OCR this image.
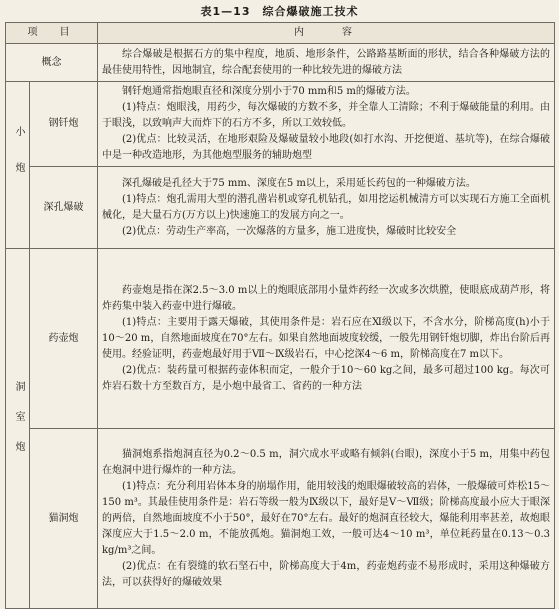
表1—13　综合爆破施工技术
项　目		内　　容
概念		综合爆破是根据石方的集中程度，地质、地形条件，公路路基断面的形状，结合各种爆破方法的最佳使用特性，因地制宜，综合配套使用的一种比较先进的爆破方法
小炮	钢钎炮	钢钎炮通常指炮眼直径和深度分别小于70 mm和5 m的爆破方法。
(1)特点：炮眼浅，用药少，每次爆破的方数不多，并全靠人工清除；不利于爆破能量的利用。由于眼浅，以致响声大而炸下的石方不多，所以工效较低。
(2)优点：比较灵活，在地形艰险及爆破量较小地段(如打水沟、开挖便道、基坑等)，在综合爆破中是一种改造地形，为其他炮型服务的辅助炮型

	深孔爆破	深孔爆破是孔径大于75 mm、深度在5 m以上，采用延长药包的一种爆破方法。
(1)特点：炮孔需用大型的潜孔凿岩机或穿孔机钻孔，如用挖运机械清方可以实现石方施工全面机械化，是大量石方(万方以上)快速施工的发展方向之一。
(2)优点：劳动生产率高，一次爆落的方量多，施工进度快，爆破时比较安全

洞室炮	药壶炮	药壶炮是指在深2.5～3.0 m以上的炮眼底部用小量炸药经一次或多次烘膛，使眼底成葫芦形，将炸药集中装入药壶中进行爆破。
(1)特点：主要用于露天爆破，其使用条件是：岩石应在Ⅺ级以下，不含水分，阶梯高度(h)小于10～20 m，自然地面坡度在70°左右。如果自然地面坡度较缓，一般先用钢钎炮切脚，炸出台阶后再使用。经验证明，药壶炮最好用于Ⅶ～Ⅸ级岩石，中心挖深4～6 m，阶梯高度在7 m以下。
(2)优点：装药量可根据药壶体积而定，一般介于10～60 kg之间，最多可超过100 kg。每次可炸岩石数十方至数百方，是小炮中最省工、省药的一种方法

	猫洞炮	猫洞炮系指炮洞直径为0.2～0.5 m，洞穴成水平或略有倾斜(台眼)，深度小于5 m，用集中药包在炮洞中进行爆炸的一种方法。
(1)特点：充分利用岩体本身的崩塌作用，能用较浅的炮眼爆破较高的岩体，一般爆破可炸松15～150 m³。其最佳使用条件是：岩石等级一般为Ⅸ级以下，最好是Ⅴ～Ⅶ级；阶梯高度最小应大于眼深的两倍，自然地面坡度不小于50°，最好在70°左右。最好的炮洞直径较大，爆能利用率甚差，故炮眼深度应大于1.5～2.0 m，不能放孤炮。猫洞炮工效，一般可达4～10 m³，单位耗药量在0.13～0.3 kg/m³之间。
(2)优点：在有裂缝的软石坚石中，阶梯高度大于4m，药壶炮药壶不易形成时，采用这种爆破方法，可以获得好的爆破效果
